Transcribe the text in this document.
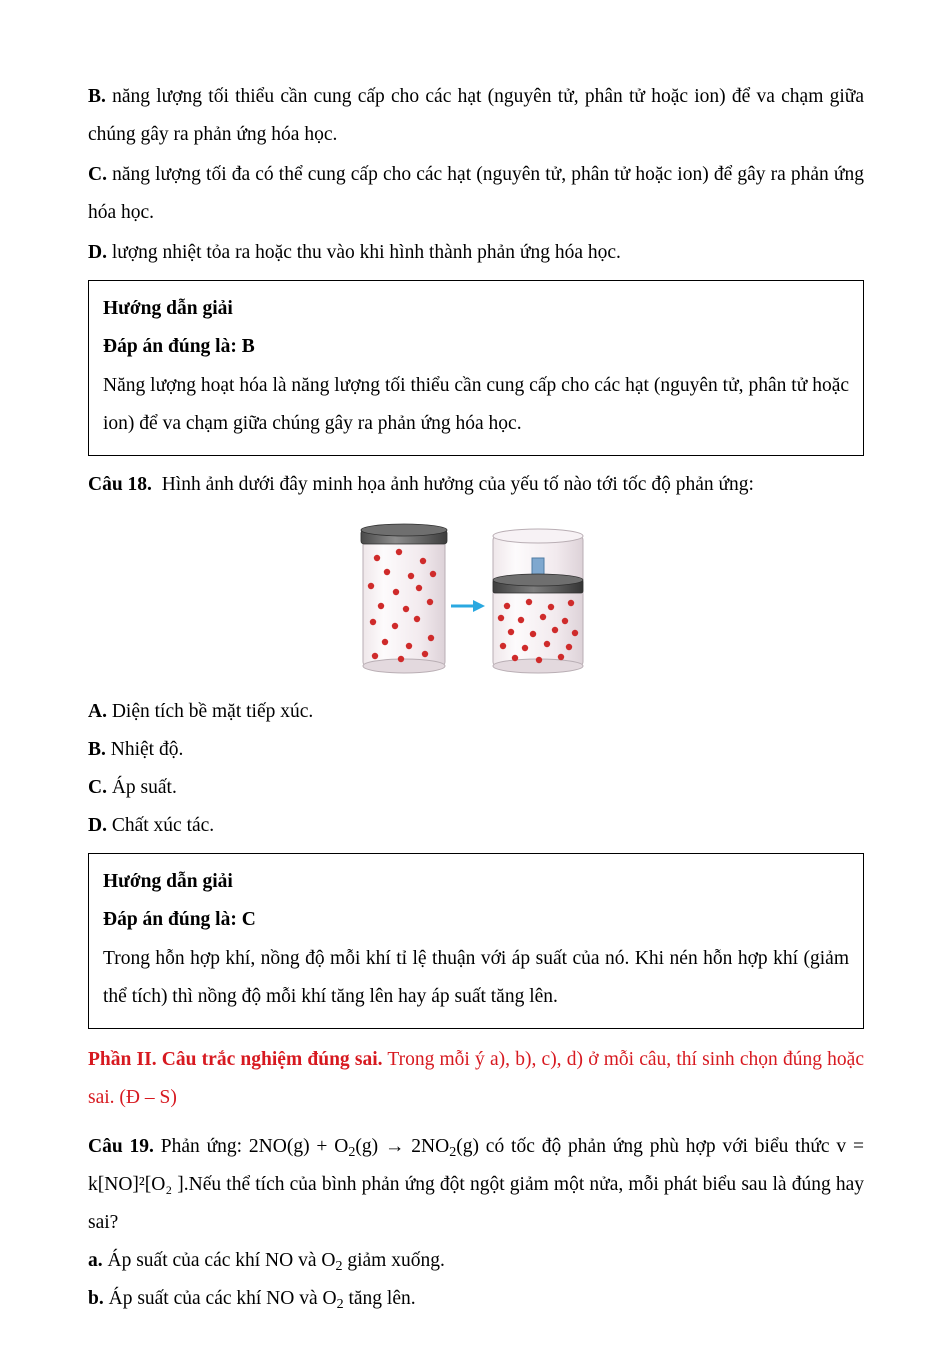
B. năng lượng tối thiểu cần cung cấp cho các hạt (nguyên tử, phân tử hoặc ion) để va chạm giữa chúng gây ra phản ứng hóa học.

C. năng lượng tối đa có thể cung cấp cho các hạt (nguyên tử, phân tử hoặc ion) để gây ra phản ứng hóa học.

D. lượng nhiệt tỏa ra hoặc thu vào khi hình thành phản ứng hóa học.

Hướng dẫn giải

Đáp án đúng là: B

Năng lượng hoạt hóa là năng lượng tối thiểu cần cung cấp cho các hạt (nguyên tử, phân tử hoặc ion) để va chạm giữa chúng gây ra phản ứng hóa học.

Câu 18. Hình ảnh dưới đây minh họa ảnh hưởng của yếu tố nào tới tốc độ phản ứng:

A. Diện tích bề mặt tiếp xúc.

B. Nhiệt độ.

C. Áp suất.

D. Chất xúc tác.

Hướng dẫn giải

Đáp án đúng là: C

Trong hỗn hợp khí, nồng độ mỗi khí tỉ lệ thuận với áp suất của nó. Khi nén hỗn hợp khí (giảm thể tích) thì nồng độ mỗi khí tăng lên hay áp suất tăng lên.

Phần II. Câu trắc nghiệm đúng sai. Trong mỗi ý a), b), c), d) ở mỗi câu, thí sinh chọn đúng hoặc sai. (Đ – S)

Câu 19. Phản ứng: $2NO(g) + O_2(g) \to 2NO_2(g)$ có tốc độ phản ứng phù hợp với biểu thức v = k[NO]²[O₂ ].Nếu thể tích của bình phản ứng đột ngột giảm một nửa, mỗi phát biểu sau là đúng hay sai?

a. Áp suất của các khí NO và $O_2$ giảm xuống.

b. Áp suất của các khí NO và $O_2$ tăng lên.
